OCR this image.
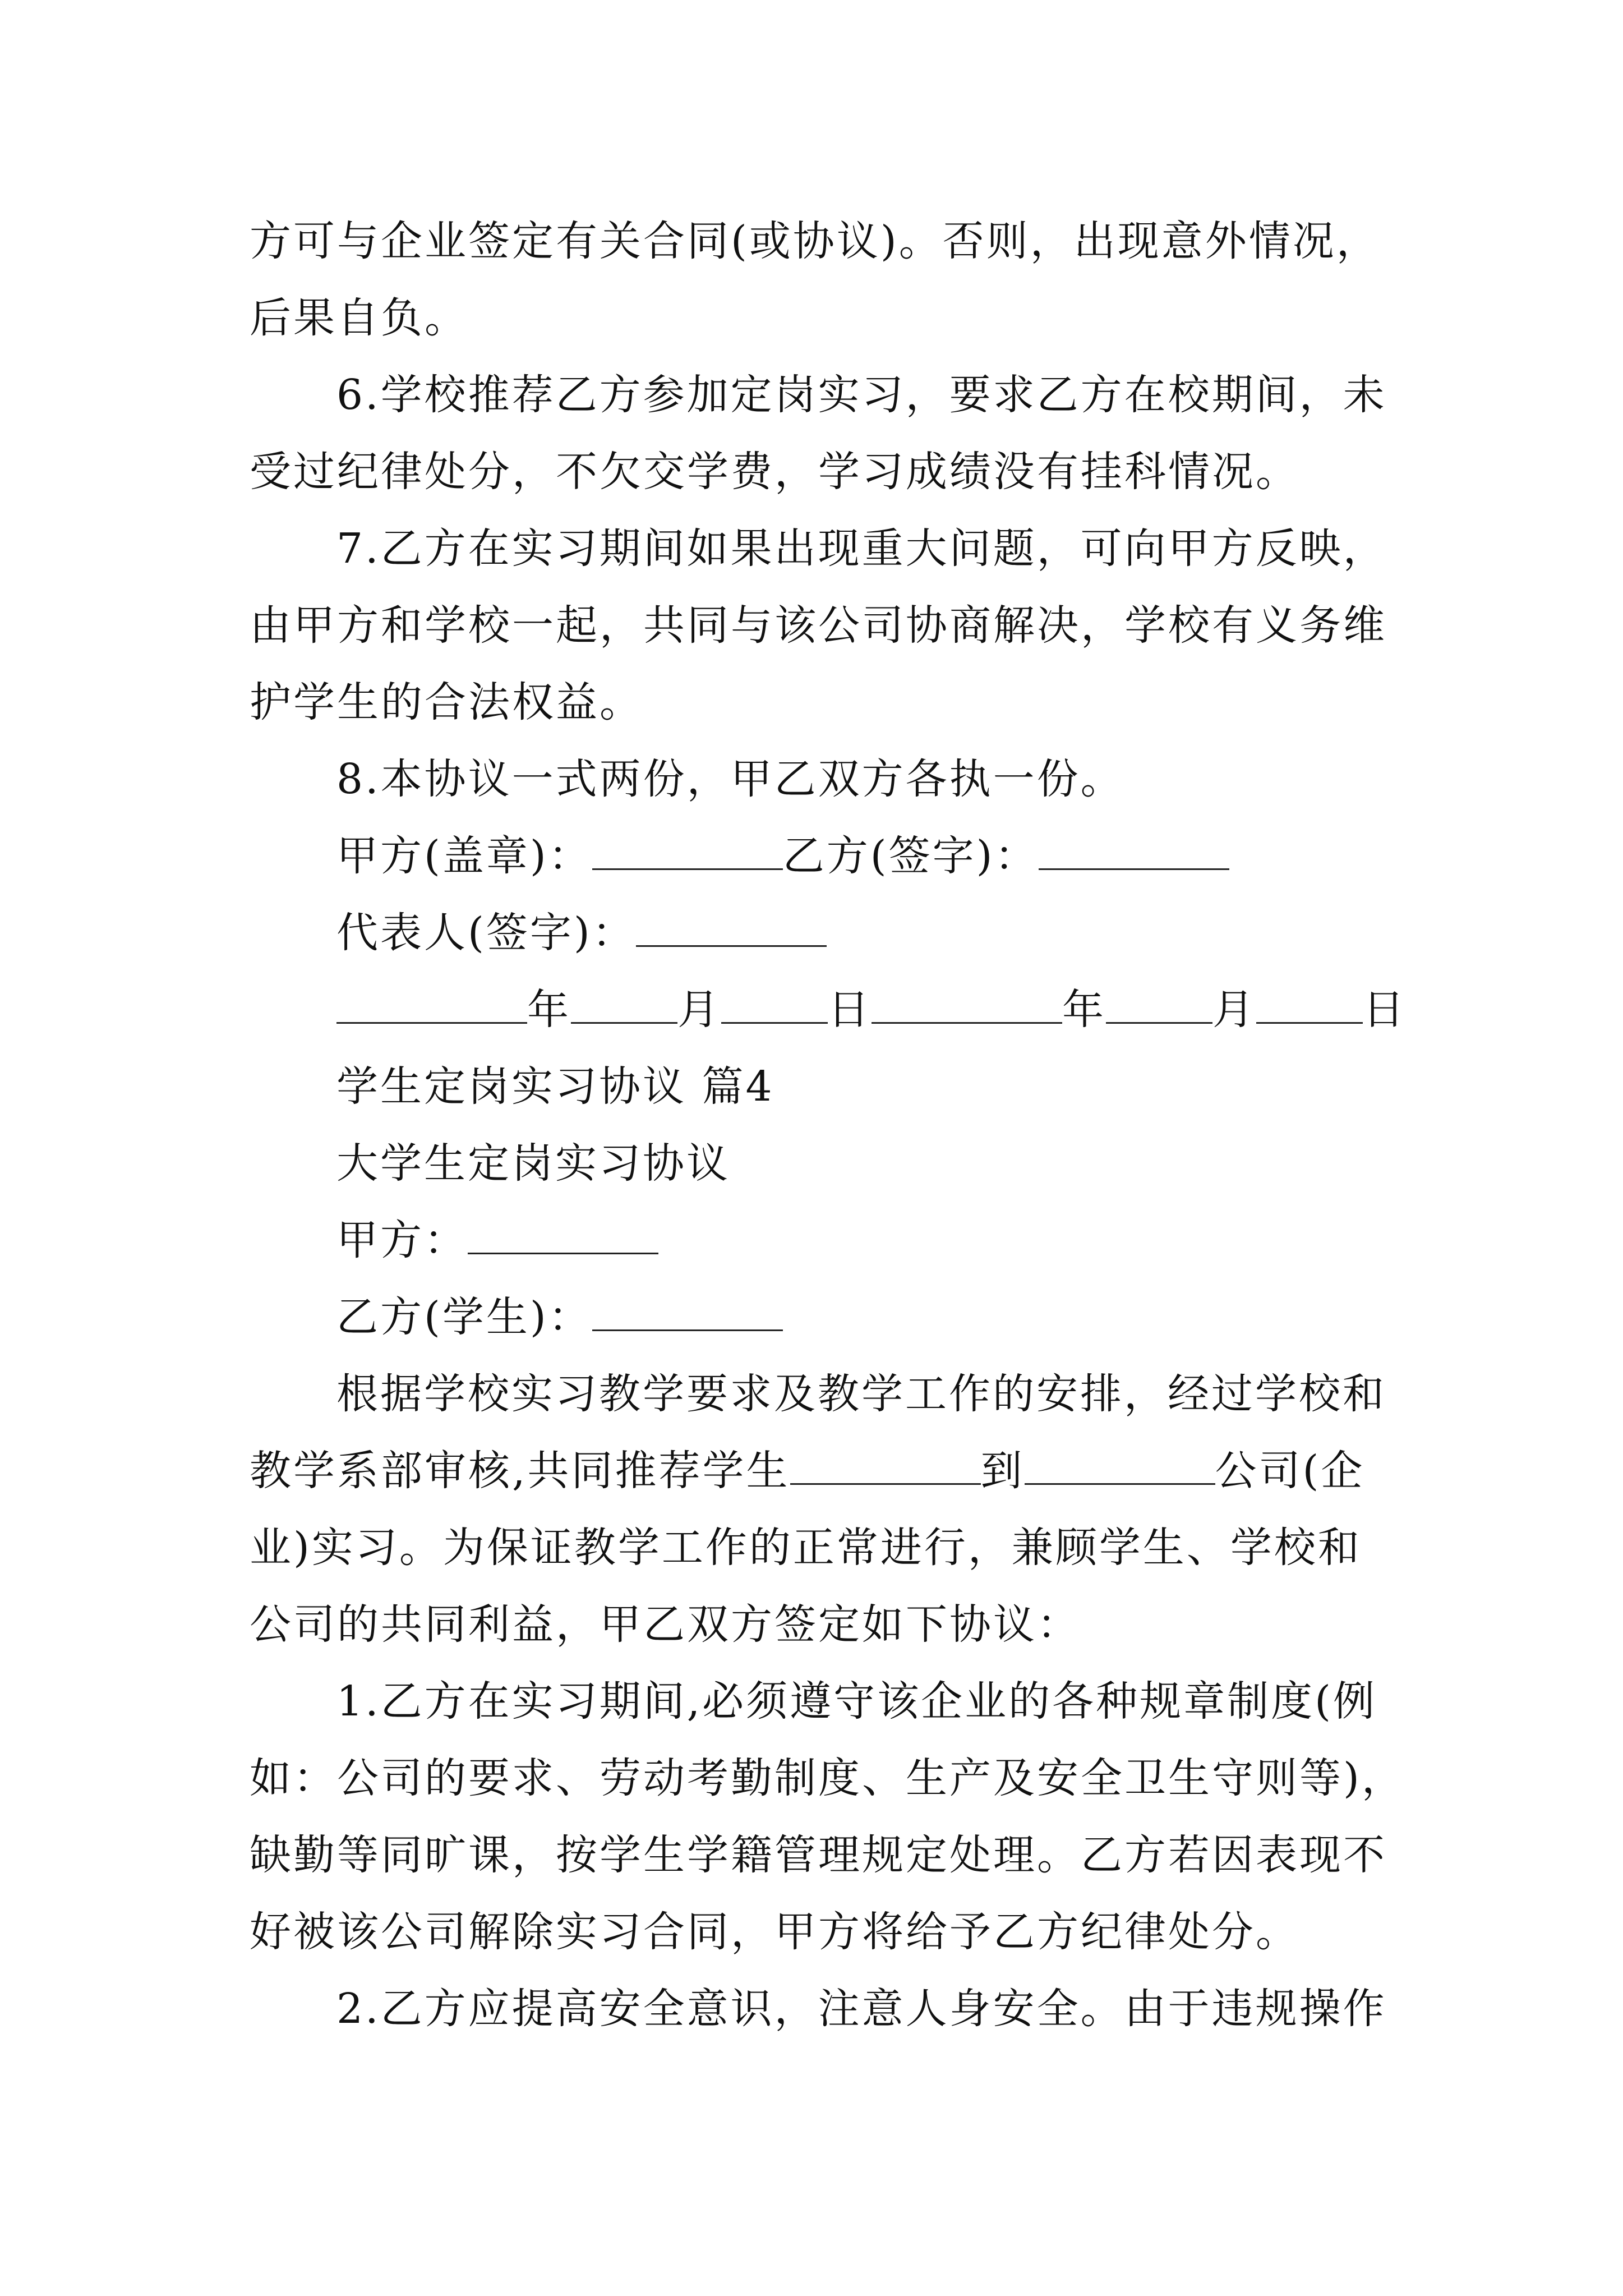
方可与企业签定有关合同(或协议)。否则，出现意外情况，
后果自负。
6.学校推荐乙方参加定岗实习，要求乙方在校期间，未
受过纪律处分，不欠交学费，学习成绩没有挂科情况。
7.乙方在实习期间如果出现重大问题，可向甲方反映，
由甲方和学校一起，共同与该公司协商解决，学校有义务维
护学生的合法权益。
8.本协议一式两份，甲乙双方各执一份。
甲方(盖章)：	乙方(签字)：
代表人(签字)：
年	月	日	年	月	日
学生定岗实习协议 篇4
大学生定岗实习协议
甲方：
乙方(学生)：
根据学校实习教学要求及教学工作的安排，经过学校和
教学系部审核,共同推荐学生	到	公司(企
业)实习。为保证教学工作的正常进行，兼顾学生、学校和
公司的共同利益，甲乙双方签定如下协议：
1.乙方在实习期间,必须遵守该企业的各种规章制度(例
如：公司的要求、劳动考勤制度、生产及安全卫生守则等)，
缺勤等同旷课，按学生学籍管理规定处理。乙方若因表现不
好被该公司解除实习合同，甲方将给予乙方纪律处分。
2.乙方应提高安全意识，注意人身安全。由于违规操作
